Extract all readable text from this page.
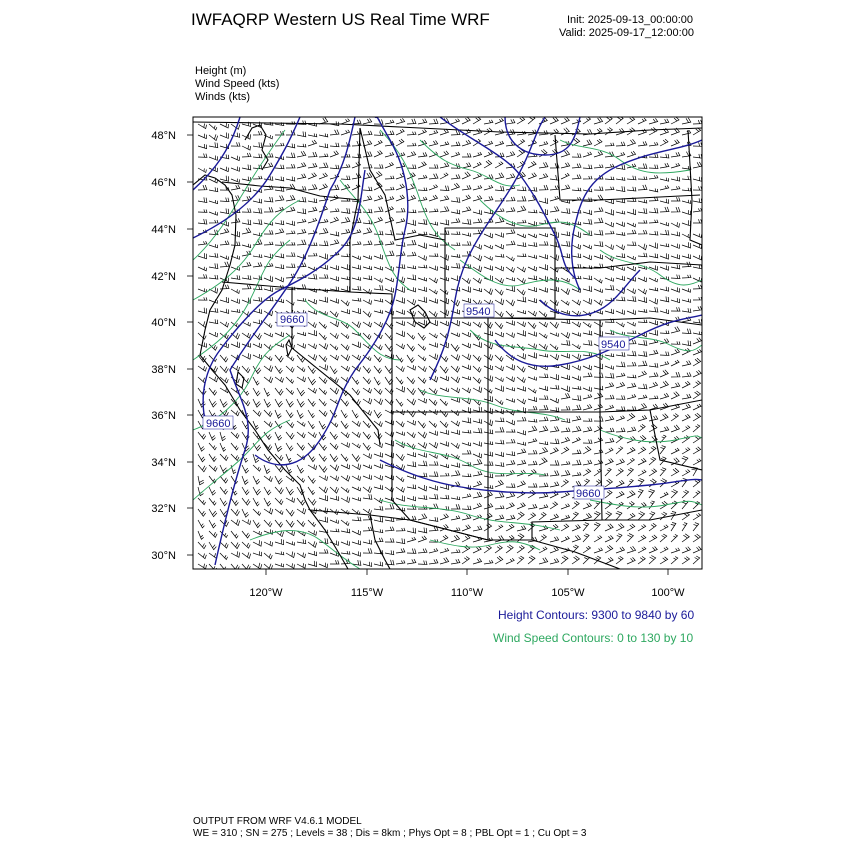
IWFAQRP Western US Real Time WRF	Init: 2025-09-13_00:00:00
Valid: 2025-09-17_12:00:00
Height (m)
Wind Speed (kts)
Winds (kts)
9660
9540
9540
9660
9660
48°N
46°N
44°N
42°N
40°N
38°N
36°N
34°N
32°N
30°N
120°W	115°W	110°W	105°W	100°W
Height Contours: 9300 to 9840 by 60
Wind Speed Contours: 0 to 130 by 10
OUTPUT FROM WRF V4.6.1 MODEL
WE = 310 ; SN = 275 ; Levels = 38 ; Dis = 8km ; Phys Opt = 8 ; PBL Opt = 1 ; Cu Opt = 3
